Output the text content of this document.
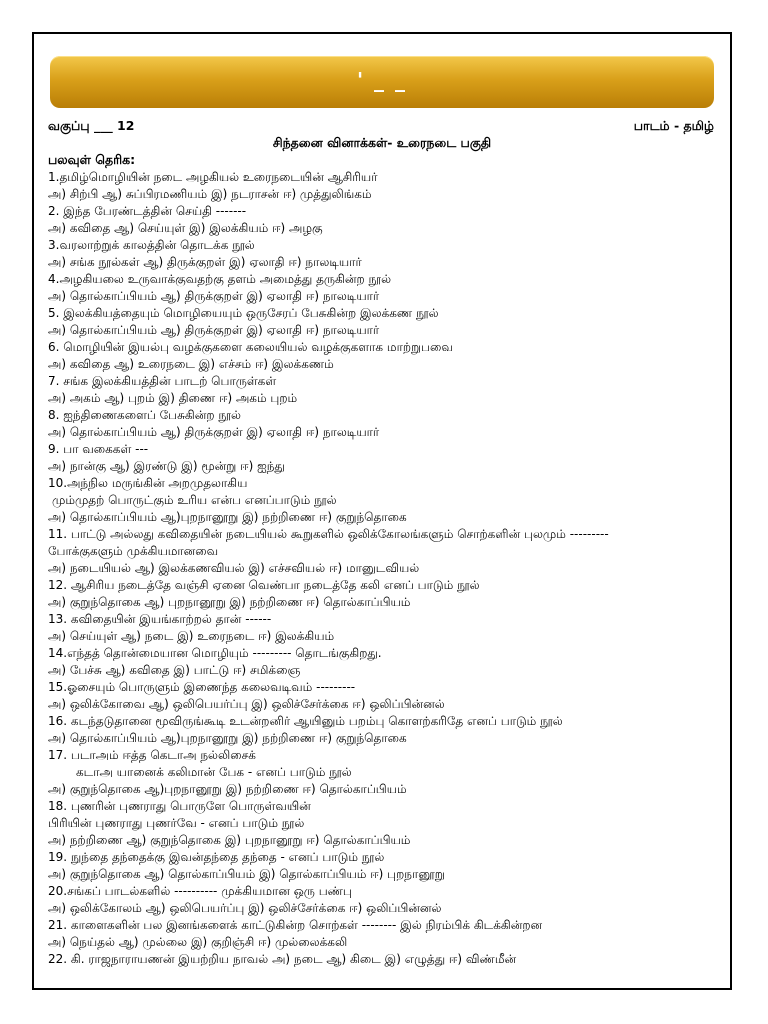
' _ _
வகுப்பு ___ 12	பாடம் - தமிழ்
சிந்தனை வினாக்கள்- உரைநடை பகுதி
பலவுள் தெரிக:
1.தமிழ்மொழியின் நடை அழகியல் உரைநடையின் ஆசிரியர்
அ) சிற்பி ஆ) சுப்பிரமணியம் இ) நடராசன் ஈ) முத்துலிங்கம்
2. இந்த பேரண்டத்தின் செய்தி -------
அ) கவிதை ஆ) செய்யுள் இ) இலக்கியம் ஈ) அழகு
3.வரலாற்றுக் காலத்தின் தொடக்க நூல்
அ) சங்க நூல்கள் ஆ) திருக்குறள் இ) ஏலாதி ஈ) நாலடியார்
4.அழகியலை உருவாக்குவதற்கு தளம் அமைத்து தருகின்ற நூல்
அ) தொல்காப்பியம் ஆ) திருக்குறள் இ) ஏலாதி ஈ) நாலடியார்
5. இலக்கியத்தையும் மொழியையும் ஒருசேரப் பேசுகின்ற இலக்கண நூல்
அ) தொல்காப்பியம் ஆ) திருக்குறள் இ) ஏலாதி ஈ) நாலடியார்
6. மொழியின் இயல்பு வழக்குகளை கலையியல் வழக்குகளாக மாற்றுபவை
அ) கவிதை ஆ) உரைநடை இ) எச்சம் ஈ) இலக்கணம்
7. சங்க இலக்கியத்தின் பாடற் பொருள்கள்
அ) அகம் ஆ) புறம் இ) திணை ஈ) அகம் புறம்
8. ஐந்திணைகளைப் பேசுகின்ற நூல்
அ) தொல்காப்பியம் ஆ) திருக்குறள் இ) ஏலாதி ஈ) நாலடியார்
9. பா வகைகள் ---
அ) நான்கு ஆ) இரண்டு இ) மூன்று ஈ) ஐந்து
10.அந்நில மருங்கின் அறமுதலாகிய
மும்முதற் பொருட்கும் உரிய என்ப எனப்பாடும் நூல்
அ) தொல்காப்பியம் ஆ)புறநானூறு இ) நற்றிணை ஈ) குறுந்தொகை
11. பாட்டு அல்லது கவிதையின் நடையியல் கூறுகளில் ஒலிக்கோலங்களும் சொற்களின் புலமும் ---------
போக்குகளும் முக்கியமானவை
அ) நடையியல் ஆ) இலக்கணவியல் இ) எச்சவியல் ஈ) மானுடவியல்
12. ஆசிரிய நடைத்தே வஞ்சி ஏனை வெண்பா நடைத்தே கலி எனப் பாடும் நூல்
அ) குறுந்தொகை ஆ) புறநானூறு இ) நற்றிணை ஈ) தொல்காப்பியம்
13. கவிதையின் இயங்காற்றல் தான் ------
அ) செய்யுள் ஆ) நடை இ) உரைநடை ஈ) இலக்கியம்
14.எந்தத் தொன்மையான மொழியும் --------- தொடங்குகிறது.
அ) பேச்சு ஆ) கவிதை இ) பாட்டு ஈ) சமிக்ஞை
15.ஓசையும் பொருளும் இணைந்த கலைவடிவம் ---------
அ) ஒலிக்கோவை ஆ) ஒலிபெயர்ப்பு இ) ஒலிச்சேர்க்கை ஈ) ஒலிப்பின்னல்
16. கடந்தடுதானை மூவிருங்கூடி உடன்றனிர் ஆயினும் பறம்பு கொளற்கரிதே எனப் பாடும் நூல்
அ) தொல்காப்பியம் ஆ)புறநானூறு இ) நற்றிணை ஈ) குறுந்தொகை
17. படாஅம் ஈத்த கெடாஅ நல்லிசைக்
கடாஅ யானைக் கலிமான் பேக - எனப் பாடும் நூல்
அ) குறுந்தொகை ஆ)புறநானூறு இ) நற்றிணை ஈ) தொல்காப்பியம்
18. புணரின் புணராது பொருளே பொருள்வயின்
பிரியின் புணராது புணர்வே - எனப் பாடும் நூல்
அ) நற்றிணை ஆ) குறுந்தொகை இ) புறநானூறு ஈ) தொல்காப்பியம்
19. நுந்தை தந்தைக்கு இவன்தந்தை தந்தை - எனப் பாடும் நூல்
அ) குறுந்தொகை ஆ) தொல்காப்பியம் இ) தொல்காப்பியம் ஈ) புறநானூறு
20.சங்கப் பாடல்களில் ---------- முக்கியமான ஒரு பண்பு
அ) ஒலிக்கோலம் ஆ) ஒலிபெயர்ப்பு இ) ஒலிச்சேர்க்கை ஈ) ஒலிப்பின்னல்
21. காளைகளின் பல இனங்களைக் காட்டுகின்ற சொற்கள் -------- இல் நிரம்பிக் கிடக்கின்றன
அ) நெய்தல் ஆ) முல்லை இ) குறிஞ்சி ஈ) முல்லைக்கலி
22. கி. ராஜநாராயணன் இயற்றிய நாவல் அ) நடை ஆ) கிடை இ) எழுத்து ஈ) விண்மீன்
